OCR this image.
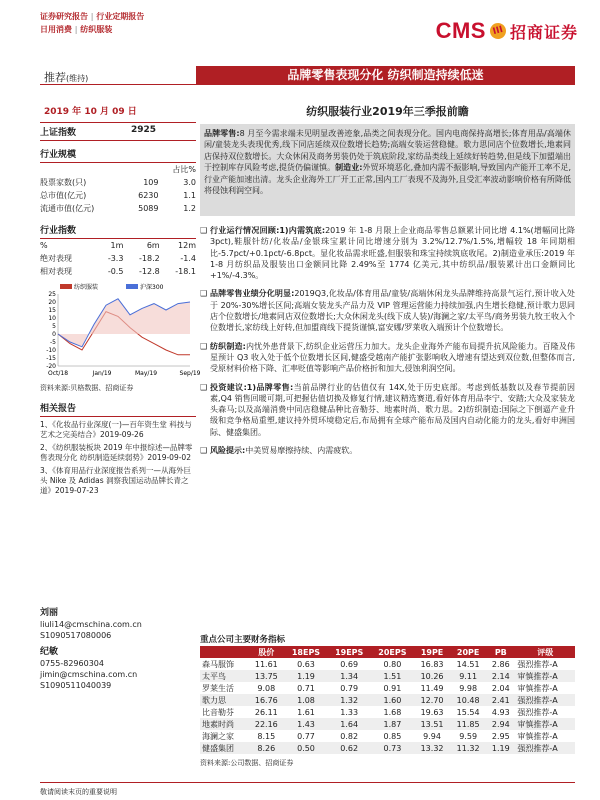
证券研究报告 | 行业定期报告
日用消费 | 纺织服装	CMS III 招商证券
推荐(维持)	品牌零售表现分化 纺织制造持续低迷
2019 年 10 月 09 日	纺织服装行业2019年三季报前瞻
上证指数	2925
行业规模
		占比%
股票家数(只)	109	3.0
总市值(亿元)	6230	1.1
流通市值(亿元)	5089	1.2
行业指数
%	1m	6m	12m
绝对表现	-3.3	-18.2	-1.4
相对表现	-0.5	-12.8	-18.1
纺织服装	沪深300
25
20
15
10
5
0
-5
-10
-15
-20
Oct/18	Jan/19	May/19	Sep/19
资料来源:贝格数据、招商证券
相关报告
1、《化妆品行业深度(一)—百年资生堂 科技与艺术之完美结合》2019-09-26
2、《纺织服装板块 2019 年中报综述—品牌零售表现分化 纺织制造延续弱势》2019-09-02
3、《体育用品行业深度报告系列一—从海外巨头 Nike 及 Adidas 洞察我国运动品牌长青之道》2019-07-23
刘丽
liuli14@cmschina.com.cn
S1090517080006
纪敏
0755-82960304
jimin@cmschina.com.cn
S1090511040039
品牌零售:8 月至今需求端未见明显改善迹象,品类之间表现分化。国内电商保持高增长;体育用品/高端休闲/童装龙头表现优秀,线下同店延续双位数增长趋势;高端女装运营稳健。歌力思同店个位数增长,地素同店保持双位数增长。大众休闲及商务男装仍处于筑底阶段,家纺品类线上延续好转趋势,但是线下加盟端出于控制库存风险考虑,提货仍偏谨慎。制造业:外贸环境恶化,叠加内需不振影响,导致国内产能开工率不足,行业产能加速出清。龙头企业海外工厂开工正常,国内工厂表现不及海外,且受汇率波动影响价格有所降低将侵蚀利润空间。
❑ 行业运行情况回顾:1)内需筑底:2019 年 1-8 月限上企业商品零售总额累计同比增 4.1%(增幅同比降 3pct),鞋服针纺/化妆品/金银珠宝累计同比增速分别为 3.2%/12.7%/1.5%,增幅较 18 年同期相比-5.7pct/+0.1pct/-6.8pct。显化妆品需求旺盛,但服装和珠宝持续筑底收尾。2)制造业承压:2019 年 1-8 月纺织品及服装出口金额同比降 2.49%至 1774 亿美元,其中纺织品/服装累计出口金额同比+1%/-4.3%。
❑ 品牌零售业绩分化明显:2019Q3,化妆品/体育用品/童装/高端休闲龙头品牌维持高景气运行,预计收入处于 20%-30%增长区间;高端女装龙头产品力及 VIP 管理运营能力持续加强,内生增长稳健,预计歌力思同店个位数增长/地素同店双位数增长;大众休闲龙头(线下成人装)/海澜之家/太平鸟/商务男装九牧王收入个位数增长,家纺线上好转,但加盟商线下提货谨慎,富安娜/罗莱收入端预计个位数增长。
❑ 纺织制造:内忧外患背景下,纺织企业运营压力加大。龙头企业海外产能布局提升抗风险能力。百隆及伟星预计 Q3 收入处于低个位数增长区间,健盛受越南产能扩张影响收入增速有望达到双位数,但整体而言,受原材料价格下降、汇率贬值等影响产品价格折和加大,侵蚀利润空间。
❑ 投资建议:1)品牌零售:当前品牌行业的估值仅有 14X,处于历史底部。考虑到低基数以及春节提前因素,Q4 销售回暖可期,可把握估值切换及修复行情,建议精选赛道,看好体育用品李宁、安踏;大众及家装龙头森马;以及高端消费中同店稳健品种比音勒芬、地素时尚、歌力思。2)纺织制造:国际之下倒逼产业升级和竞争格局重塑,建议持外贸环境稳定后,布局拥有全球产能布局及国内自动化能力的龙头,看好申洲国际、健盛集团。
❑ 风险提示:中美贸易摩擦持续、内需疲软。
重点公司主要财务指标
	股价	18EPS	19EPS	20EPS	19PE	20PE	PB	评级
森马服饰	11.61	0.63	0.69	0.80	16.83	14.51	2.86	强烈推荐-A
太平鸟	13.75	1.19	1.34	1.51	10.26	9.11	2.14	审慎推荐-A
罗莱生活	9.08	0.71	0.79	0.91	11.49	9.98	2.04	审慎推荐-A
歌力思	16.76	1.08	1.32	1.60	12.70	10.48	2.41	强烈推荐-A
比音勒芬	26.11	1.61	1.33	1.68	19.63	15.54	4.93	强烈推荐-A
地素时尚	22.16	1.43	1.64	1.87	13.51	11.85	2.94	审慎推荐-A
海澜之家	8.15	0.77	0.82	0.85	9.94	9.59	2.95	审慎推荐-A
健盛集团	8.26	0.50	0.62	0.73	13.32	11.32	1.19	强烈推荐-A
资料来源:公司数据、招商证券
敬请阅读末页的重要说明
